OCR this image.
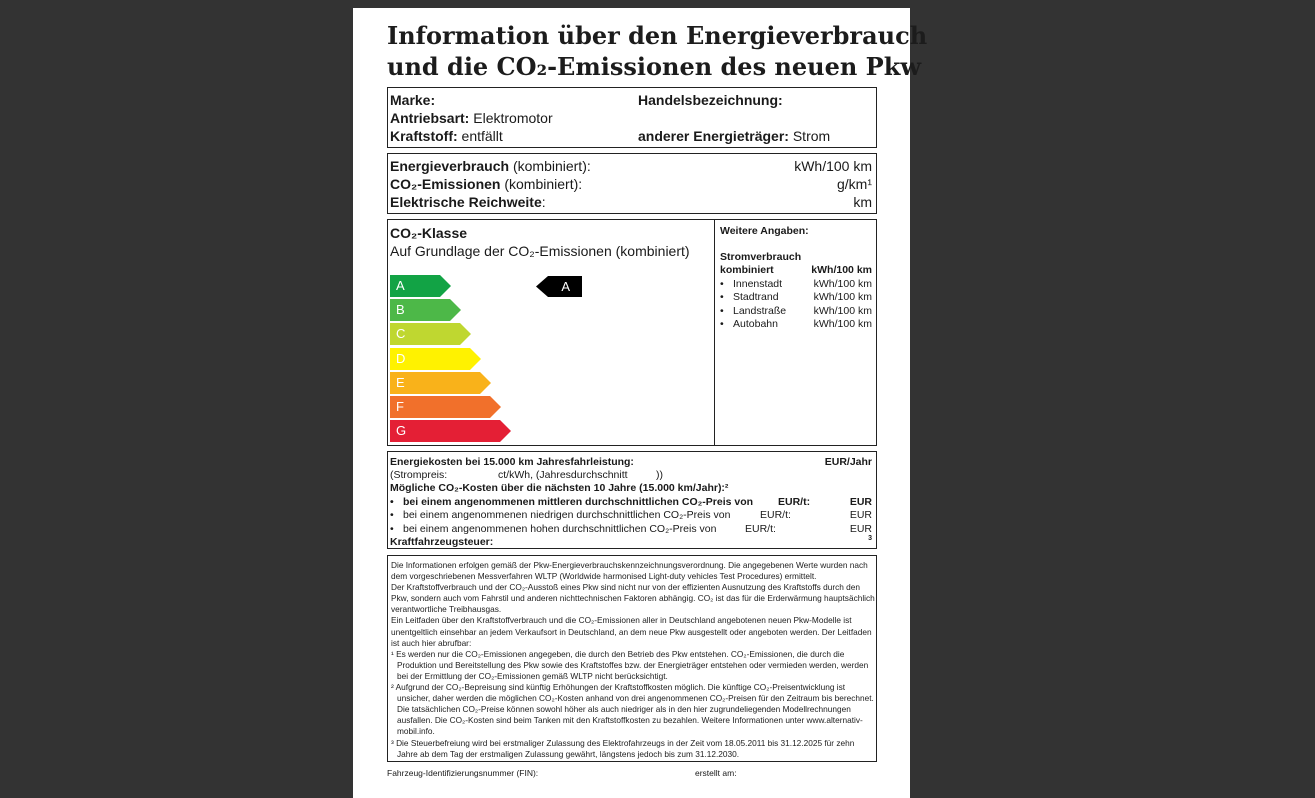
Information über den Energieverbrauch
und die CO₂-Emissionen des neuen Pkw
Marke:	Handelsbezeichnung:
Antriebsart: Elektromotor
Kraftstoff: entfällt	anderer Energieträger: Strom
Energieverbrauch (kombiniert):	kWh/100 km
CO₂-Emissionen (kombiniert):	g/km¹
Elektrische Reichweite:	km
CO₂-Klasse
Auf Grundlage der CO₂-Emissionen (kombiniert)
A
B
C
D
E
F
G
A
Weitere Angaben:
Stromverbrauch
kombiniert	kWh/100 km
• Innenstadt	kWh/100 km
• Stadtrand	kWh/100 km
• Landstraße	kWh/100 km
• Autobahn	kWh/100 km
Energiekosten bei 15.000 km Jahresfahrleistung:	EUR/Jahr
(Strompreis:	ct/kWh, (Jahresdurchschnitt	))
Mögliche CO₂-Kosten über die nächsten 10 Jahre (15.000 km/Jahr):²
• bei einem angenommenen mittleren durchschnittlichen CO₂-Preis von EUR/t:	EUR
• bei einem angenommenen niedrigen durchschnittlichen CO₂-Preis von	EUR/t:	EUR
• bei einem angenommenen hohen durchschnittlichen CO₂-Preis von	EUR/t:	EUR
Kraftfahrzeugsteuer:	3

Die Informationen erfolgen gemäß der Pkw-Energieverbrauchskennzeichnungsverordnung. Die angegebenen Werte wurden nach dem vorgeschriebenen Messverfahren WLTP (Worldwide harmonised Light-duty vehicles Test Procedures) ermittelt.

Der Kraftstoffverbrauch und der CO₂-Ausstoß eines Pkw sind nicht nur von der effizienten Ausnutzung des Kraftstoffs durch den Pkw, sondern auch vom Fahrstil und anderen nichttechnischen Faktoren abhängig. CO₂ ist das für die Erderwärmung hauptsächlich verantwortliche Treibhausgas.

Ein Leitfaden über den Kraftstoffverbrauch und die CO₂-Emissionen aller in Deutschland angebotenen neuen Pkw-Modelle ist unentgeltlich einsehbar an jedem Verkaufsort in Deutschland, an dem neue Pkw ausgestellt oder angeboten werden. Der Leitfaden ist auch hier abrufbar:

¹ Es werden nur die CO₂-Emissionen angegeben, die durch den Betrieb des Pkw entstehen. CO₂-Emissionen, die durch die Produktion und Bereitstellung des Pkw sowie des Kraftstoffes bzw. der Energieträger entstehen oder vermieden werden, werden bei der Ermittlung der CO₂-Emissionen gemäß WLTP nicht berücksichtigt.

² Aufgrund der CO₂-Bepreisung sind künftig Erhöhungen der Kraftstoffkosten möglich. Die künftige CO₂-Preisentwicklung ist unsicher, daher werden die möglichen CO₂-Kosten anhand von drei angenommenen CO₂-Preisen für den Zeitraum bis berechnet. Die tatsächlichen CO₂-Preise können sowohl höher als auch niedriger als in den hier zugrundeliegenden Modellrechnungen ausfallen. Die CO₂-Kosten sind beim Tanken mit den Kraftstoffkosten zu bezahlen. Weitere Informationen unter www.alternativ-mobil.info.

³ Die Steuerbefreiung wird bei erstmaliger Zulassung des Elektrofahrzeugs in der Zeit vom 18.05.2011 bis 31.12.2025 für zehn Jahre ab dem Tag der erstmaligen Zulassung gewährt, längstens jedoch bis zum 31.12.2030.

Fahrzeug-Identifizierungsnummer (FIN):	erstellt am:
